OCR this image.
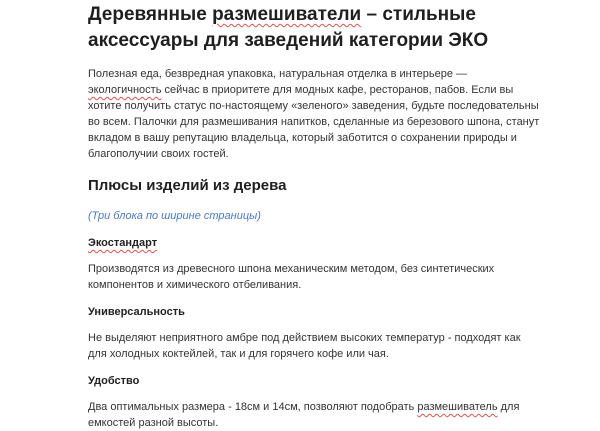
Деревянные размешиватели – стильные аксессуары для заведений категории ЭКО

Полезная еда, безвредная упаковка, натуральная отделка в интерьере — экологичность сейчас в приоритете для модных кафе, ресторанов, пабов. Если вы хотите получить статус по-настоящему «зеленого» заведения, будьте последовательны во всем. Палочки для размешивания напитков, сделанные из березового шпона, станут вкладом в вашу репутацию владельца, который заботится о сохранении природы и благополучии своих гостей.

Плюсы изделий из дерева

(Три блока по ширине страницы)

Экостандарт

Производятся из древесного шпона механическим методом, без синтетических компонентов и химического отбеливания.

Универсальность

Не выделяют неприятного амбре под действием высоких температур - подходят как для холодных коктейлей, так и для горячего кофе или чая.

Удобство

Два оптимальных размера - 18см и 14см, позволяют подобрать размешиватель для емкостей разной высоты.
